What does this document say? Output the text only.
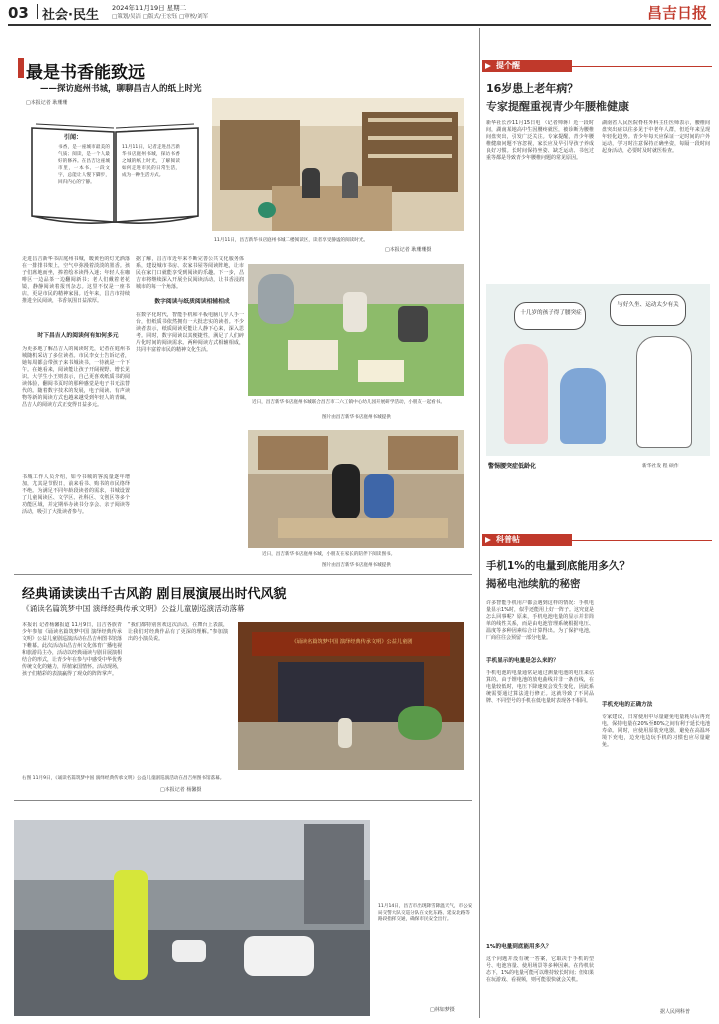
03 社会·民生 2024年11月19日 星期二
□策划/吴洁 □版式/王宏钰 □审校/刘军	昌吉日报
最是书香能致远
——探访庭州书城，聊聊昌吉人的纸上时光
□本报记者 耿珊珊
引闻：
书香，是一座城市最美的气质；阅读，是一个人最好的修养。在昌吉这座城市里，一本书、一段文字，总能让人慢下脚步，回归内心的宁静。
11月11日，记者走进昌吉新华书店庭州书城，探访书香之城的纸上时光，了解阅读如何走进市民的日常生活，成为一种生活方式。
11月11日，昌吉新华书店庭州书城二楼阅读区，读者享受静谧的阅读时光。
□本报记者 耿珊珊摄
走进昌吉新华书店庭州书城，暖黄色的灯光洒落在一排排书架上，空气中弥漫着淡淡的墨香。孩子们席地而坐，捧着绘本读得入迷；年轻人在咖啡区一边品茶一边翻阅新书；老人们戴着老花镜，静静阅读着报刊杂志。这里不仅是一座书店，更是市民的精神家园。近年来，昌吉市持续推进全民阅读，书香氛围日益浓厚。
时下昌吉人的阅读何有如何多元
为更多地了解昌吉人的阅读时光，记者在庭州书城随机采访了多位读者。市民李女士告诉记者，她每周都会带孩子来书城读书，一待就是一个下午。在她看来，阅读能让孩子开阔视野、增长见识。大学生小王则表示，自己更喜欢纸质书的阅读体验，翻阅书页时的那种感觉是电子书无法替代的。随着数字技术的发展，电子阅读、有声读物等新的阅读方式也越来越受到年轻人的青睐，昌吉人的阅读方式正变得日益多元。
书城工作人员介绍，如今书城的客流量逐年增加，尤其是节假日，前来看书、购书的市民络绎不绝。为满足不同年龄段读者的需求，书城设置了儿童阅读区、文学区、社科区、文创区等多个功能区域，并定期举办读书分享会、亲子阅读等活动，吸引了大批读者参与。
据了解，昌吉市近年来不断完善公共文化服务体系，建设城市书房、农家书屋等阅读阵地，让市民在家门口就能享受到阅读的乐趣。下一步，昌吉市将继续深入开展全民阅读活动，让书香浸润城市的每一个角落。
数字阅读与纸质阅读相辅相成
在数字化时代，智能手机和平板电脑几乎人手一台，但纸质书依然拥有一大批忠实的读者。不少读者表示，纸质阅读更能让人静下心来，深入思考。同时，数字阅读以其便捷性，满足了人们碎片化时间的阅读需求。两种阅读方式相辅相成，共同丰富着市民的精神文化生活。
近日，昌吉新华书店庭州书城联合昌吉市二六工镇中心幼儿园开展研学活动，小朋友一起看书。
图片由昌吉新华书店庭州书城提供
近日，昌吉新华书店庭州书城，小朋友在家长的陪伴下阅读图书。
图片由昌吉新华书店庭州书城提供
经典诵读读出千古风韵 剧目展演展出时代风貌
《诵读名篇筑梦中国 演绎经典传承文明》公益儿童剧巡演活动落幕
本报讯 记者杨馨报道 11月9日，昌吉各族青少年参加《诵读名篇筑梦中国 演绎经典传承文明》公益儿童剧巡演活动在昌吉州图书馆落下帷幕。此次活动由昌吉州文化体育广播电视和旅游局主办，活动以经典诵读与剧目展演相结合的形式，让青少年在参与中感受中华优秀传统文化的魅力，厚植家国情怀。活动现场，孩子们精彩的表演赢得了观众的阵阵掌声。
“我们都特别喜欢这次活动，在舞台上表演，让我们对经典作品有了更深的理解。”参加演出的小演员说。	《诵读名篇筑梦中国 演绎经典传承文明》公益儿童剧
右图 11月9日，《诵读名篇筑梦中国 演绎经典传承文明》公益儿童剧巡演活动在昌吉州图书馆落幕。
□本报记者 杨馨摄
11月14日，昌吉市出现降雪降温天气，市公安局交警大队交巡分队在文化东路、延安北路等路段指挥交通，确保市民安全出行。
□林如梦摄
提个醒
16岁患上老年病？
专家提醒重视青少年腰椎健康
新华社长沙11月15日电 （记者帅蒋）近一段时间，湖南某地高中生因腰疼就医，被诊断为腰椎间盘突出，引发广泛关注。专家提醒，青少年腰椎健康问题不容忽视，家长应及早引导孩子养成良好习惯。长时间保持坐姿、缺乏运动、书包过重等都是导致青少年腰椎问题的常见原因。
湖南省人民医院脊柱外科主任医师表示，腰椎间盘突出症以往多见于中老年人群，但近年来呈现年轻化趋势。青少年每天应保证一定时间的户外运动，学习时注意保持正确坐姿，每隔一段时间起身活动，必要时及时就医检查。
十几岁的孩子得了腰突症
与好久坐、运动太少有关
警惕腰突症低龄化	新华社发 程 硕作
科普帖
手机1%的电量到底能用多久？
揭秘电池续航的秘密
许多智能手机用户都会遇到这样的情况：手机电量显示1%时，似乎还能用上好一阵子。这究竟是怎么回事呢？原来，手机电池电量的显示并非简单的线性关系，而是由电池管理系统根据电压、温度等多种因素综合计算得出。为了保护电池，厂商往往会预留一部分电量。
手机显示的电量是怎么来的？
手机电池的电量通常是通过测量电池的电压来估算的。由于锂电池的放电曲线并非一条直线，在电量较低时，电压下降速度会发生变化，因此系统需要通过算法进行修正。这就导致了不同品牌、不同型号的手机在低电量时表现各不相同。
1%的电量到底能用多久？
这个问题并没有统一答案，它取决于手机的型号、电池容量、使用场景等多种因素。在待机状态下，1%的电量可能可以维持较长时间；但如果在玩游戏、看视频，则可能很快就会关机。
手机充电的正确方法
专家建议，日常使用中尽量避免电量耗尽后再充电，保持电量在20%至80%之间有利于延长电池寿命。同时，应使用原装充电器，避免在高温环境下充电，边充电边玩手机的习惯也应尽量避免。
据人民网科普
